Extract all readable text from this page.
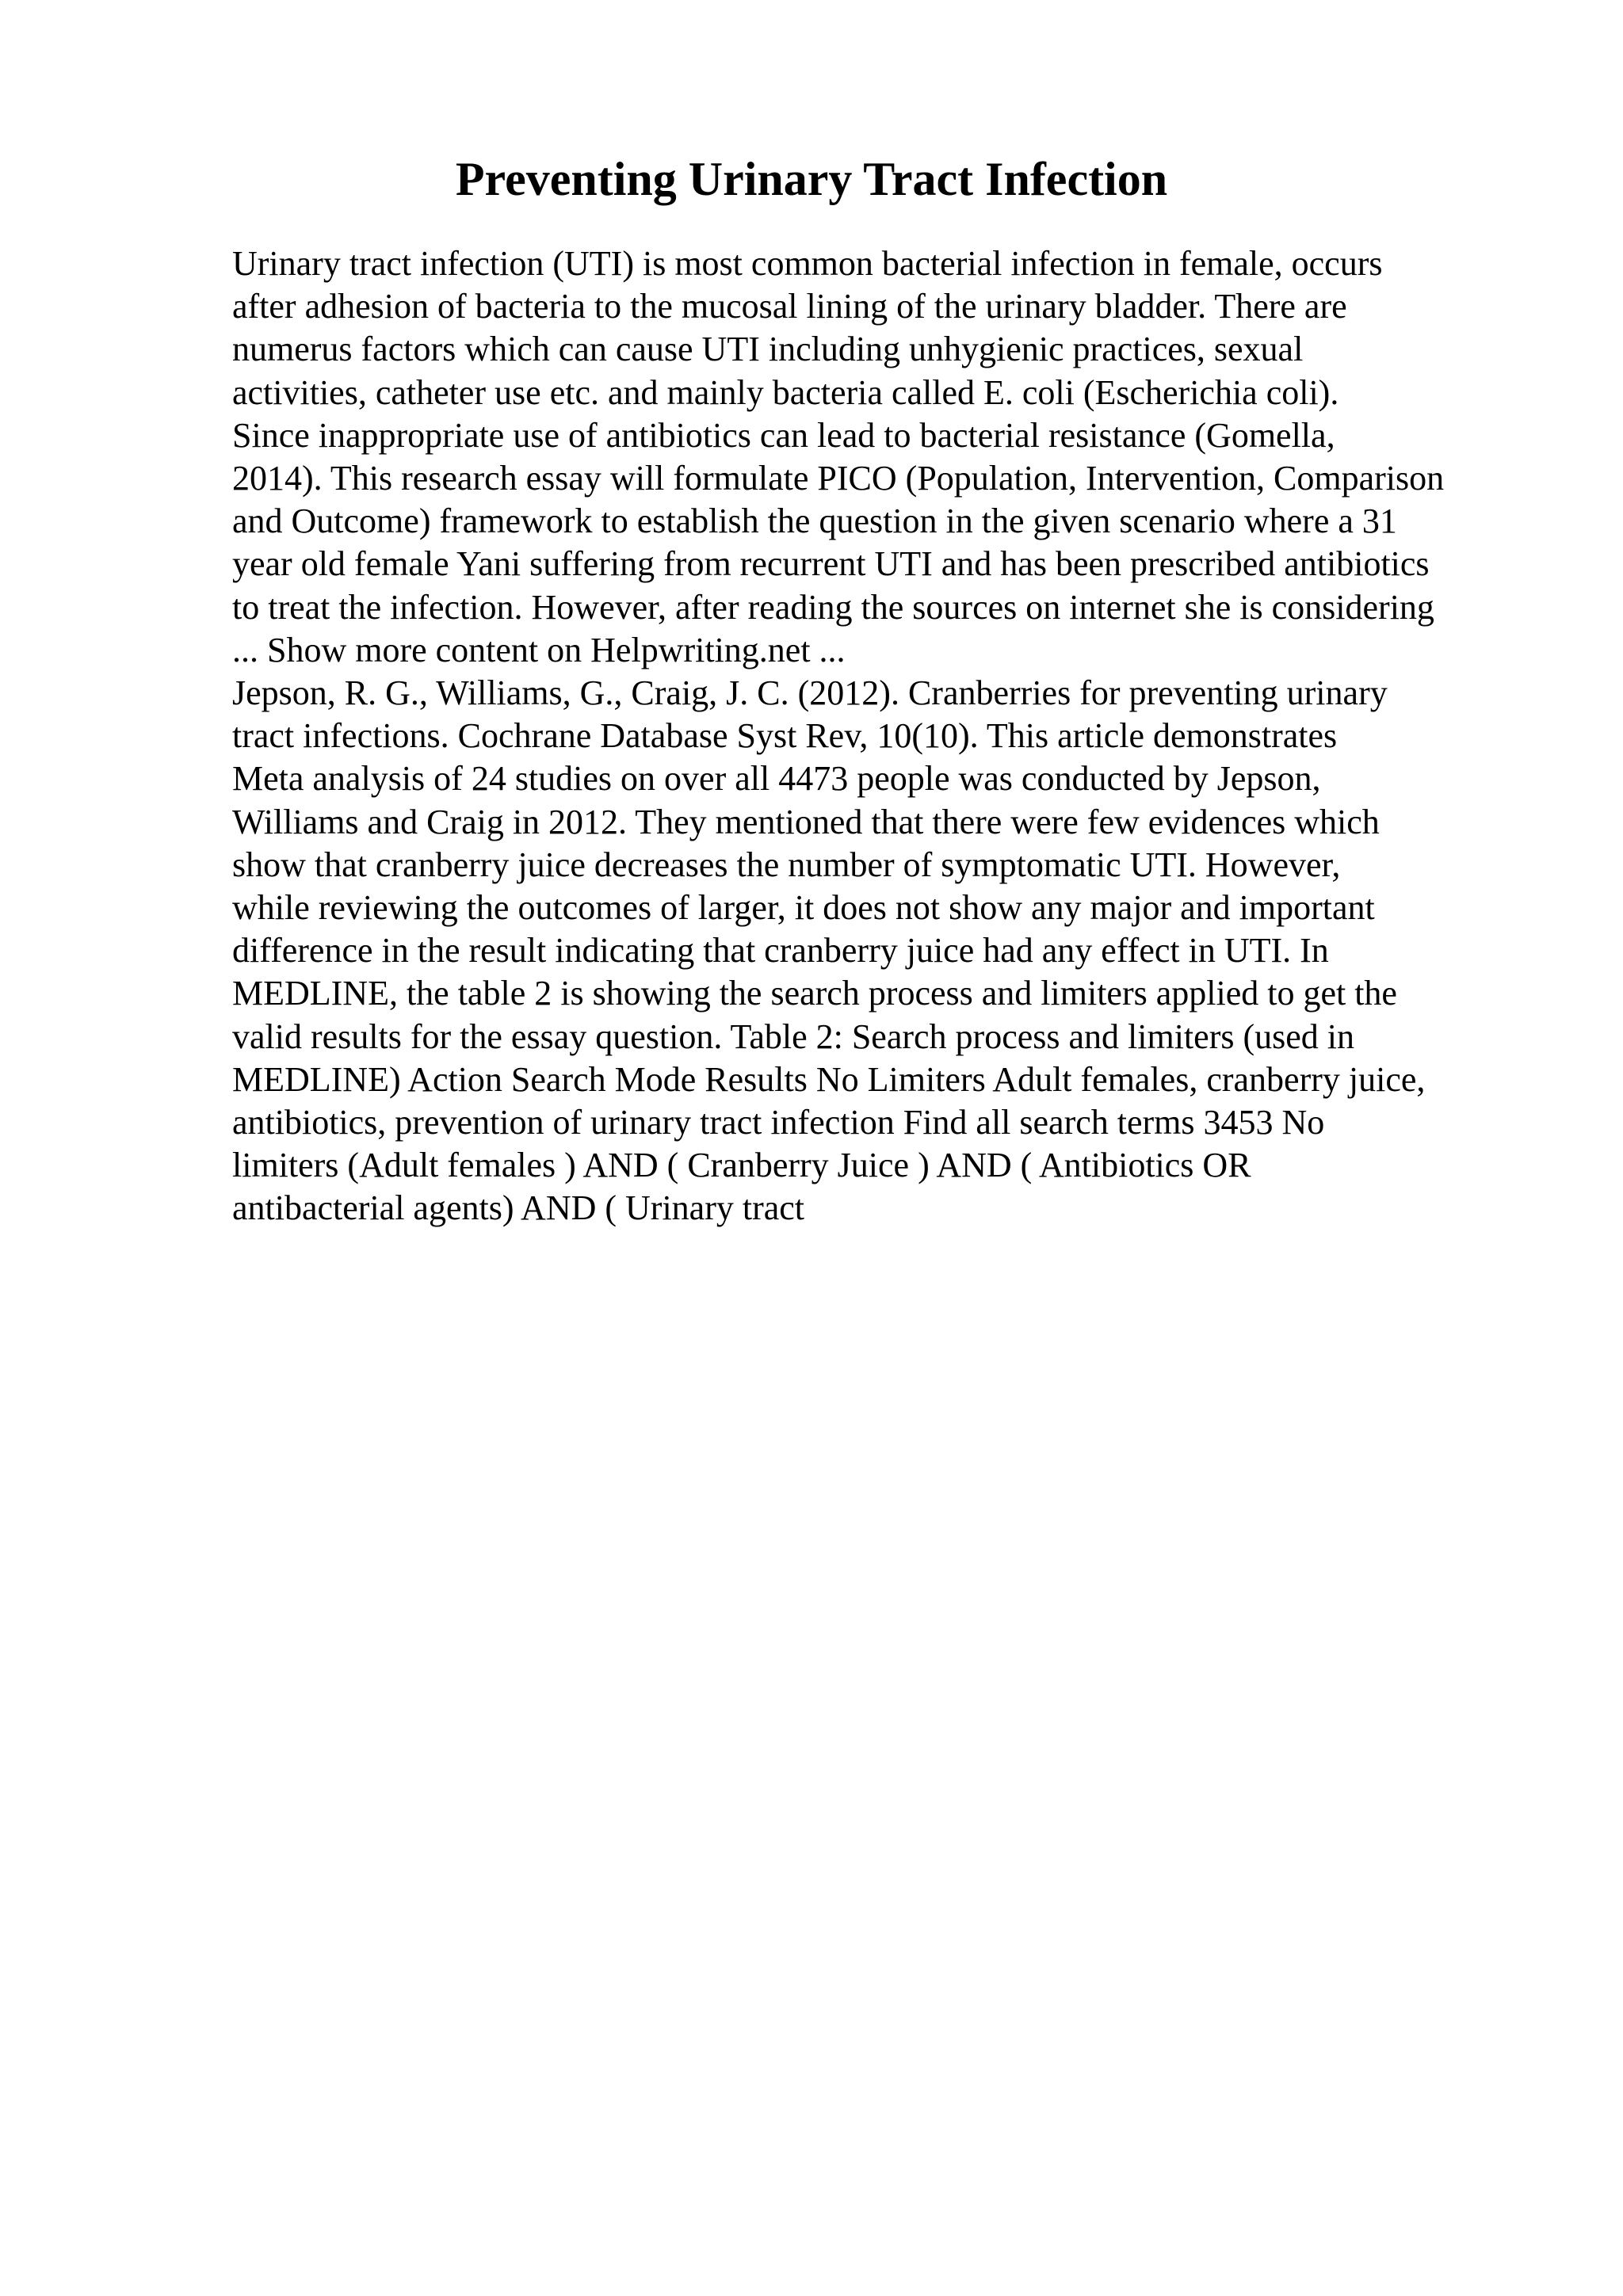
Preventing Urinary Tract Infection
Urinary tract infection (UTI) is most common bacterial infection in female, occurs
after adhesion of bacteria to the mucosal lining of the urinary bladder. There are
numerus factors which can cause UTI including unhygienic practices, sexual
activities, catheter use etc. and mainly bacteria called E. coli (Escherichia coli).
Since inappropriate use of antibiotics can lead to bacterial resistance (Gomella,
2014). This research essay will formulate PICO (Population, Intervention, Comparison
and Outcome) framework to establish the question in the given scenario where a 31
year old female Yani suffering from recurrent UTI and has been prescribed antibiotics
to treat the infection. However, after reading the sources on internet she is considering
... Show more content on Helpwriting.net ...
Jepson, R. G., Williams, G., Craig, J. C. (2012). Cranberries for preventing urinary
tract infections. Cochrane Database Syst Rev, 10(10). This article demonstrates
Meta analysis of 24 studies on over all 4473 people was conducted by Jepson,
Williams and Craig in 2012. They mentioned that there were few evidences which
show that cranberry juice decreases the number of symptomatic UTI. However,
while reviewing the outcomes of larger, it does not show any major and important
difference in the result indicating that cranberry juice had any effect in UTI. In
MEDLINE, the table 2 is showing the search process and limiters applied to get the
valid results for the essay question. Table 2: Search process and limiters (used in
MEDLINE) Action Search Mode Results No Limiters Adult females, cranberry juice,
antibiotics, prevention of urinary tract infection Find all search terms 3453 No
limiters (Adult females ) AND ( Cranberry Juice ) AND ( Antibiotics OR
antibacterial agents) AND ( Urinary tract
